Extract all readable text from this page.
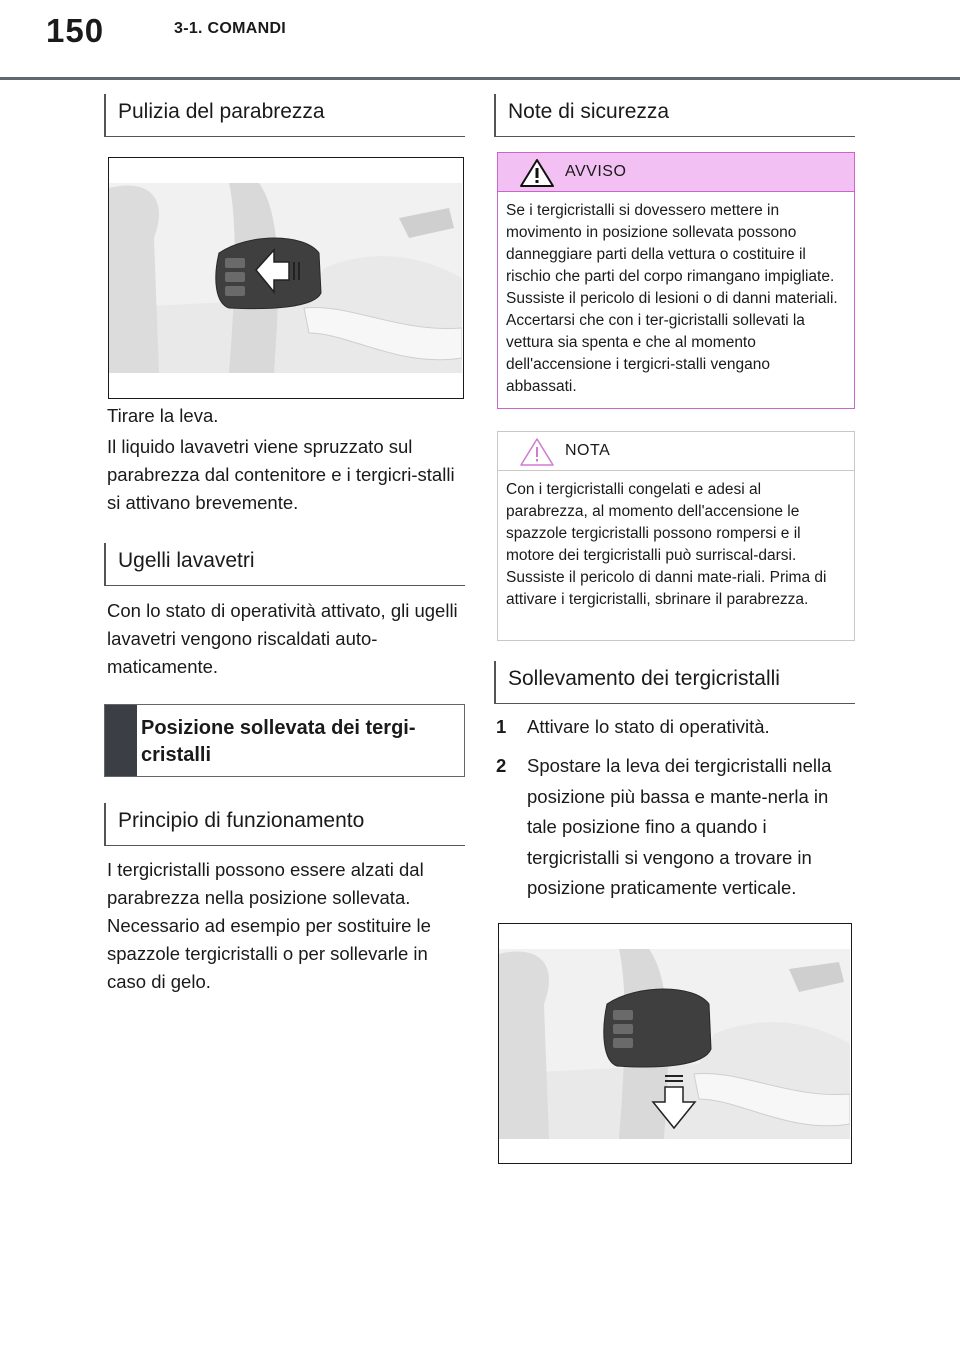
150	3-1. COMANDI
Pulizia del parabrezza
Tirare la leva.
Il liquido lavavetri viene spruzzato sul parabrezza dal contenitore e i tergicri-stalli si attivano brevemente.
Ugelli lavavetri
Con lo stato di operatività attivato, gli ugelli lavavetri vengono riscaldati auto-maticamente.
Posizione sollevata dei tergi-
cristalli
Principio di funzionamento
I tergicristalli possono essere alzati dal parabrezza nella posizione sollevata. Necessario ad esempio per sostituire le spazzole tergicristalli o per sollevarle in caso di gelo.
Note di sicurezza
AVVISO
Se i tergicristalli si dovessero mettere in movimento in posizione sollevata possono danneggiare parti della vettura o costituire il rischio che parti del corpo rimangano impigliate. Sussiste il pericolo di lesioni o di danni materiali. Accertarsi che con i ter-gicristalli sollevati la vettura sia spenta e che al momento dell'accensione i tergicri-stalli vengano abbassati.
NOTA
Con i tergicristalli congelati e adesi al parabrezza, al momento dell'accensione le spazzole tergicristalli possono rompersi e il motore dei tergicristalli può surriscal-darsi. Sussiste il pericolo di danni mate-riali. Prima di attivare i tergicristalli, sbrinare il parabrezza.
Sollevamento dei tergicristalli
1 Attivare lo stato di operatività.
2 Spostare la leva dei tergicristalli nella posizione più bassa e mante-nerla in tale posizione fino a quando i tergicristalli si vengono a trovare in posizione praticamente verticale.
